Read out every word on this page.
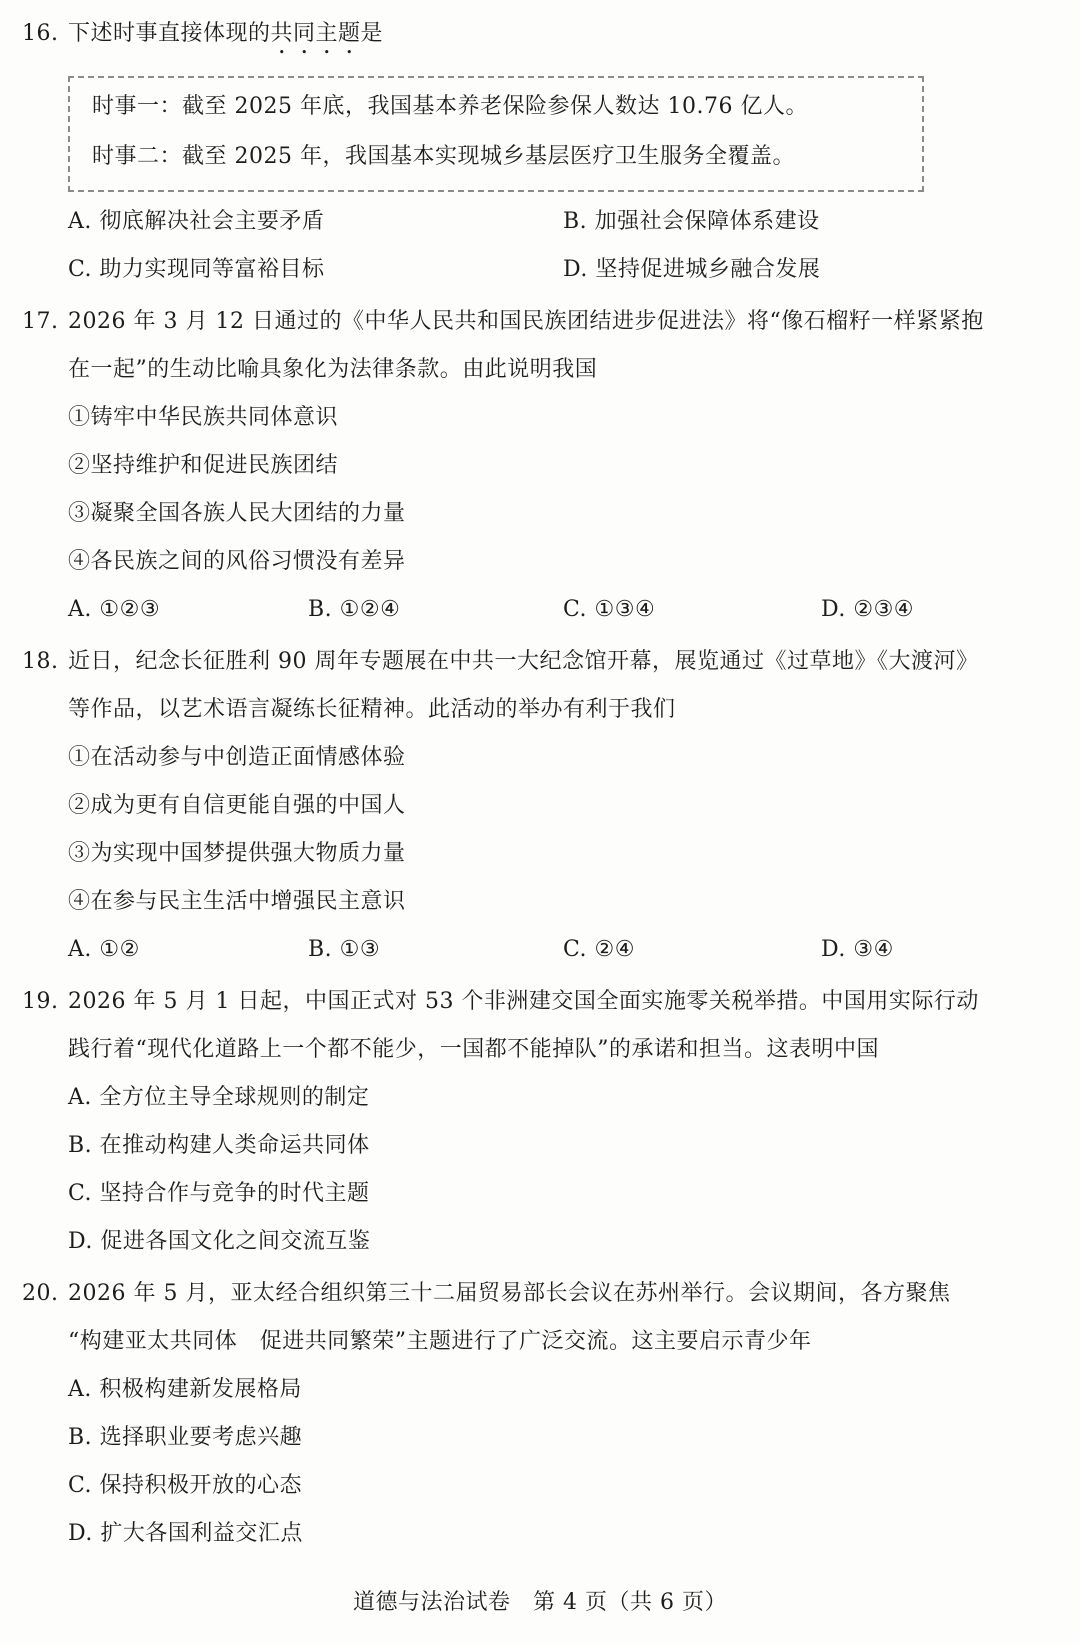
16. 下述时事直接体现的共同主题是
时事一：截至 2025 年底，我国基本养老保险参保人数达 10.76 亿人。
时事二：截至 2025 年，我国基本实现城乡基层医疗卫生服务全覆盖。
A. 彻底解决社会主要矛盾	B. 加强社会保障体系建设
C. 助力实现同等富裕目标	D. 坚持促进城乡融合发展
17. 2026 年 3 月 12 日通过的《中华人民共和国民族团结进步促进法》将“像石榴籽一样紧紧抱
在一起”的生动比喻具象化为法律条款。由此说明我国
①铸牢中华民族共同体意识
②坚持维护和促进民族团结
③凝聚全国各族人民大团结的力量
④各民族之间的风俗习惯没有差异
A. ①②③	B. ①②④	C. ①③④	D. ②③④
18. 近日，纪念长征胜利 90 周年专题展在中共一大纪念馆开幕，展览通过《过草地》《大渡河》
等作品，以艺术语言凝练长征精神。此活动的举办有利于我们
①在活动参与中创造正面情感体验
②成为更有自信更能自强的中国人
③为实现中国梦提供强大物质力量
④在参与民主生活中增强民主意识
A. ①②	B. ①③	C. ②④	D. ③④
19. 2026 年 5 月 1 日起，中国正式对 53 个非洲建交国全面实施零关税举措。中国用实际行动
践行着“现代化道路上一个都不能少，一国都不能掉队”的承诺和担当。这表明中国
A. 全方位主导全球规则的制定
B. 在推动构建人类命运共同体
C. 坚持合作与竞争的时代主题
D. 促进各国文化之间交流互鉴
20. 2026 年 5 月，亚太经合组织第三十二届贸易部长会议在苏州举行。会议期间，各方聚焦
“构建亚太共同体　促进共同繁荣”主题进行了广泛交流。这主要启示青少年
A. 积极构建新发展格局
B. 选择职业要考虑兴趣
C. 保持积极开放的心态
D. 扩大各国利益交汇点
道德与法治试卷　第 4 页（共 6 页）
